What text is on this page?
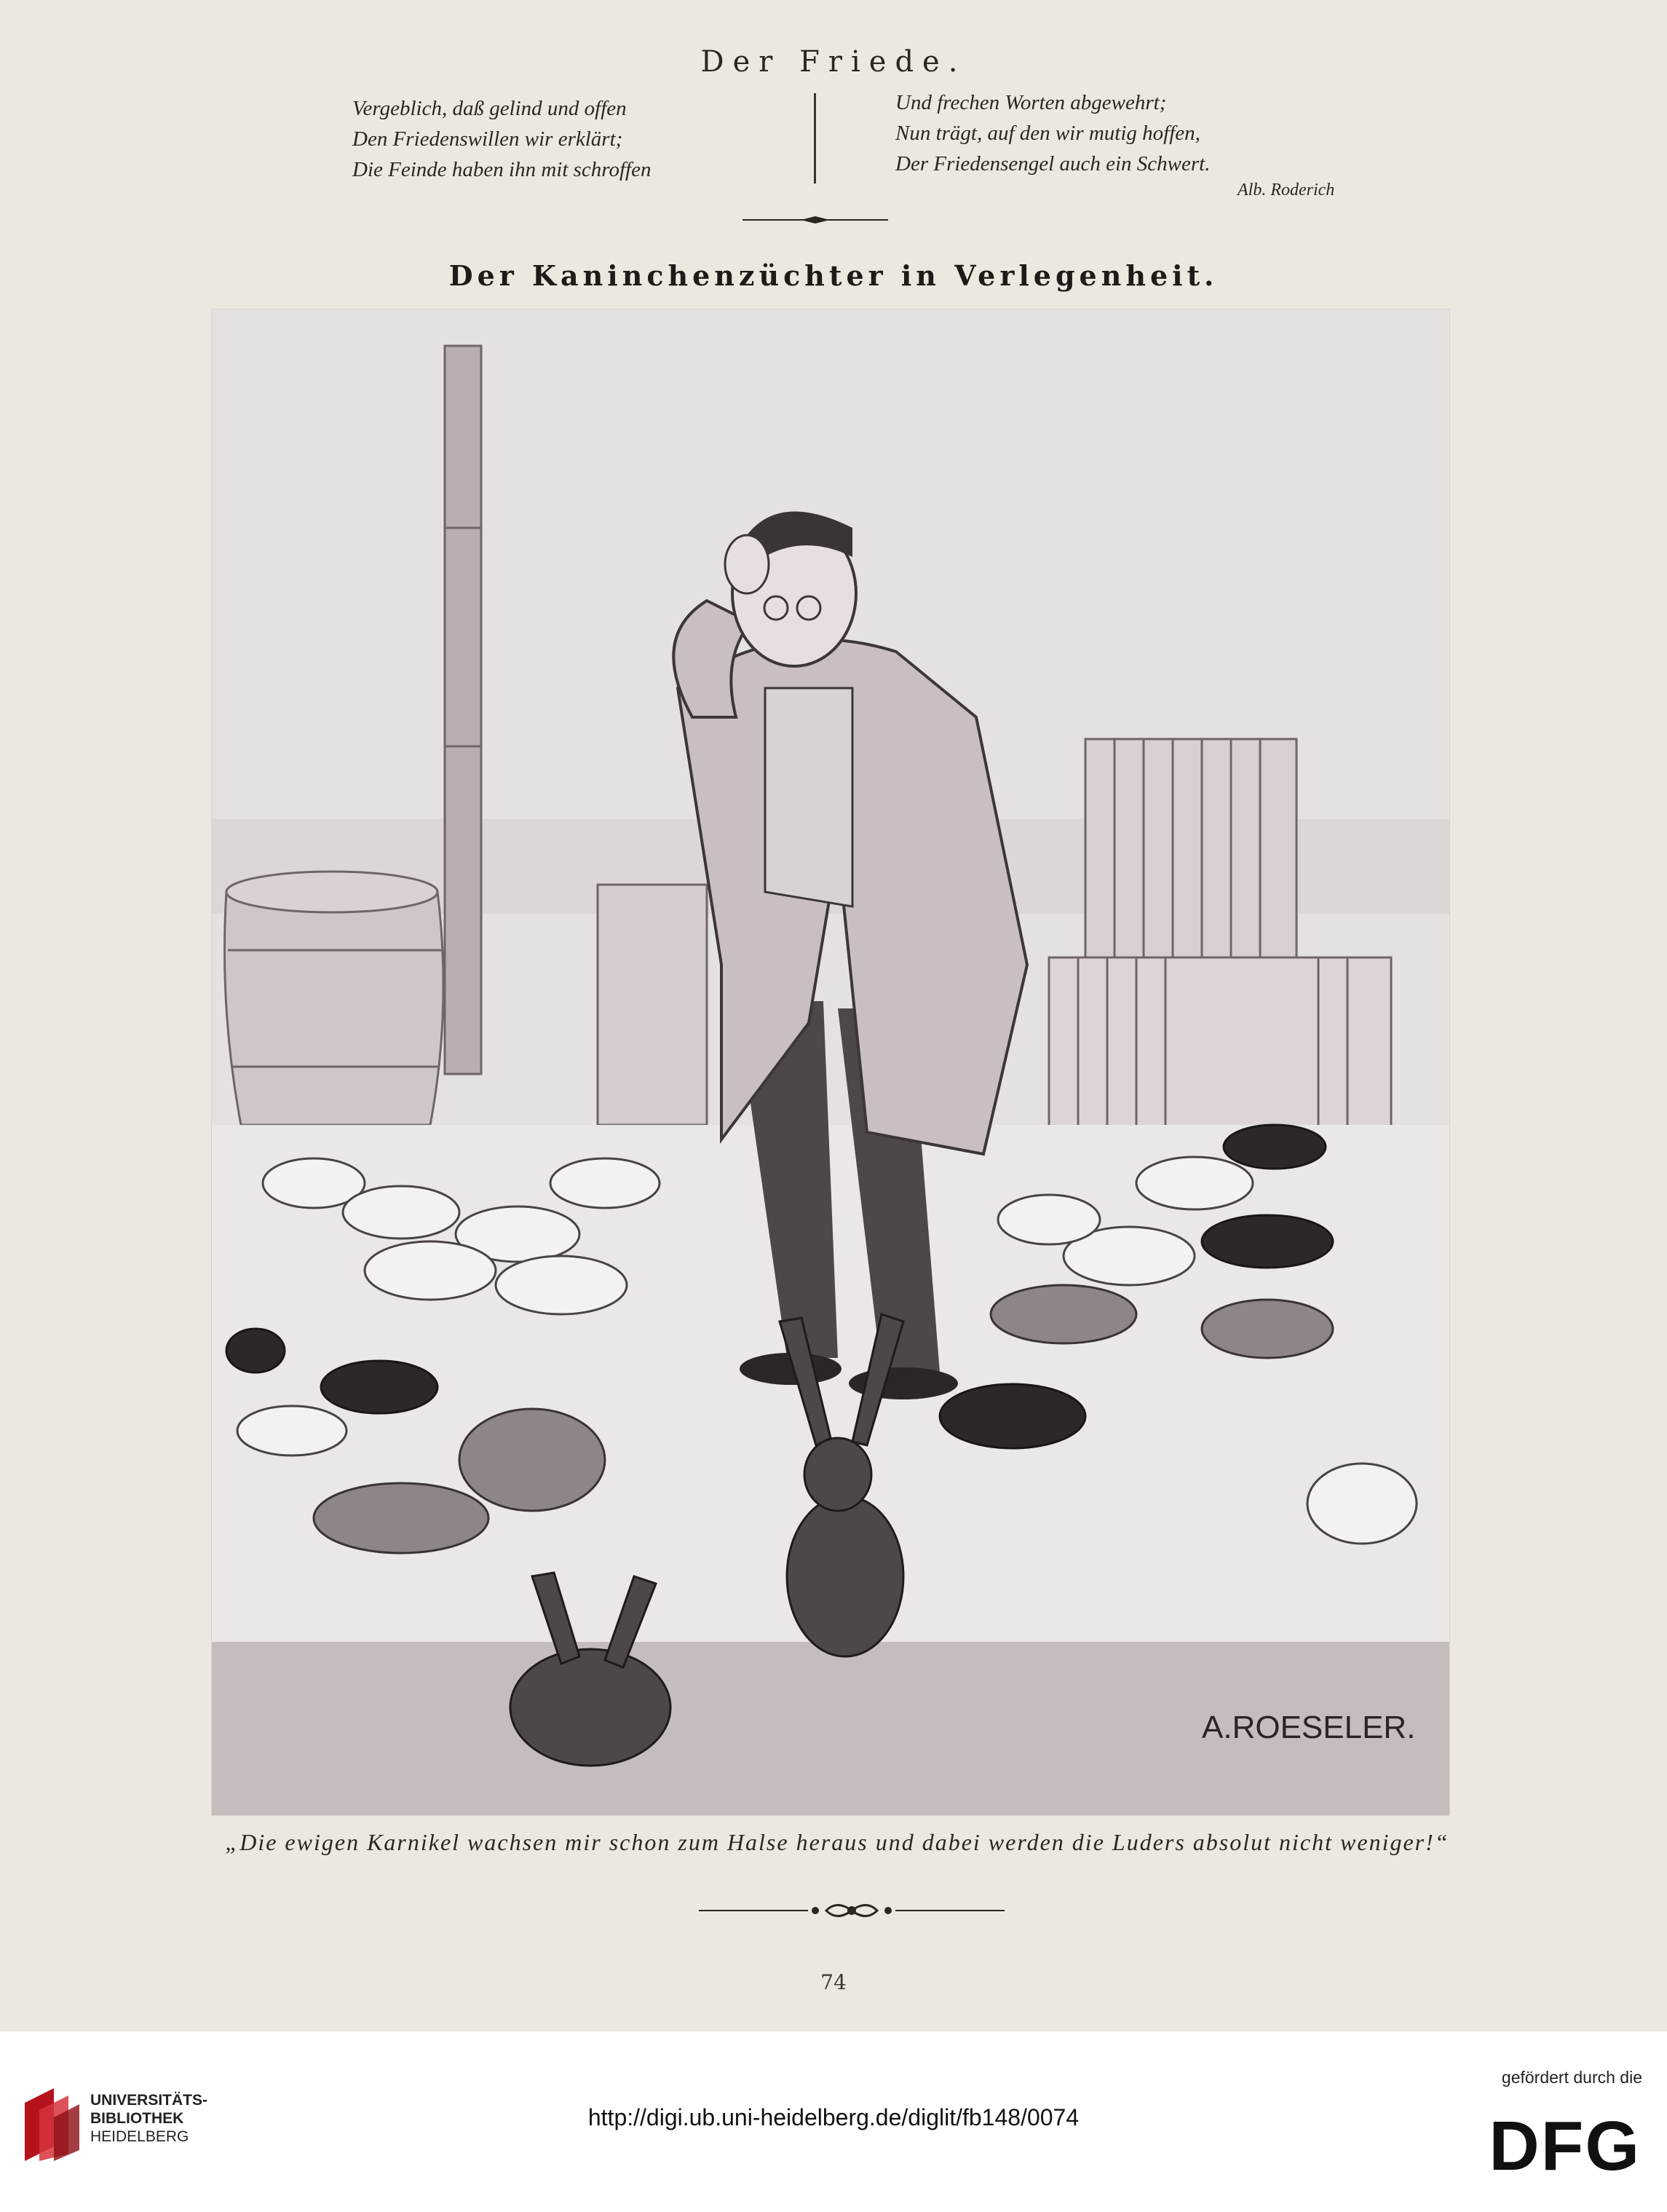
Der Friede.
Vergeblich, daß gelind und offen
Den Friedenswillen wir erklärt;
Die Feinde haben ihn mit schroffen
Und frechen Worten abgewehrt;
Nun trägt, auf den wir mutig hoffen,
Der Friedensengel auch ein Schwert.
Alb. Roderich
Der Kaninchenzüchter in Verlegenheit.
A.ROESELER.
„Die ewigen Karnikel wachsen mir schon zum Halse heraus und dabei werden die Luders absolut nicht weniger!“
74
UNIVERSITÄTS-
BIBLIOTHEK
HEIDELBERG
http://digi.ub.uni-heidelberg.de/diglit/fb148/0074
gefördert durch die
DFG
